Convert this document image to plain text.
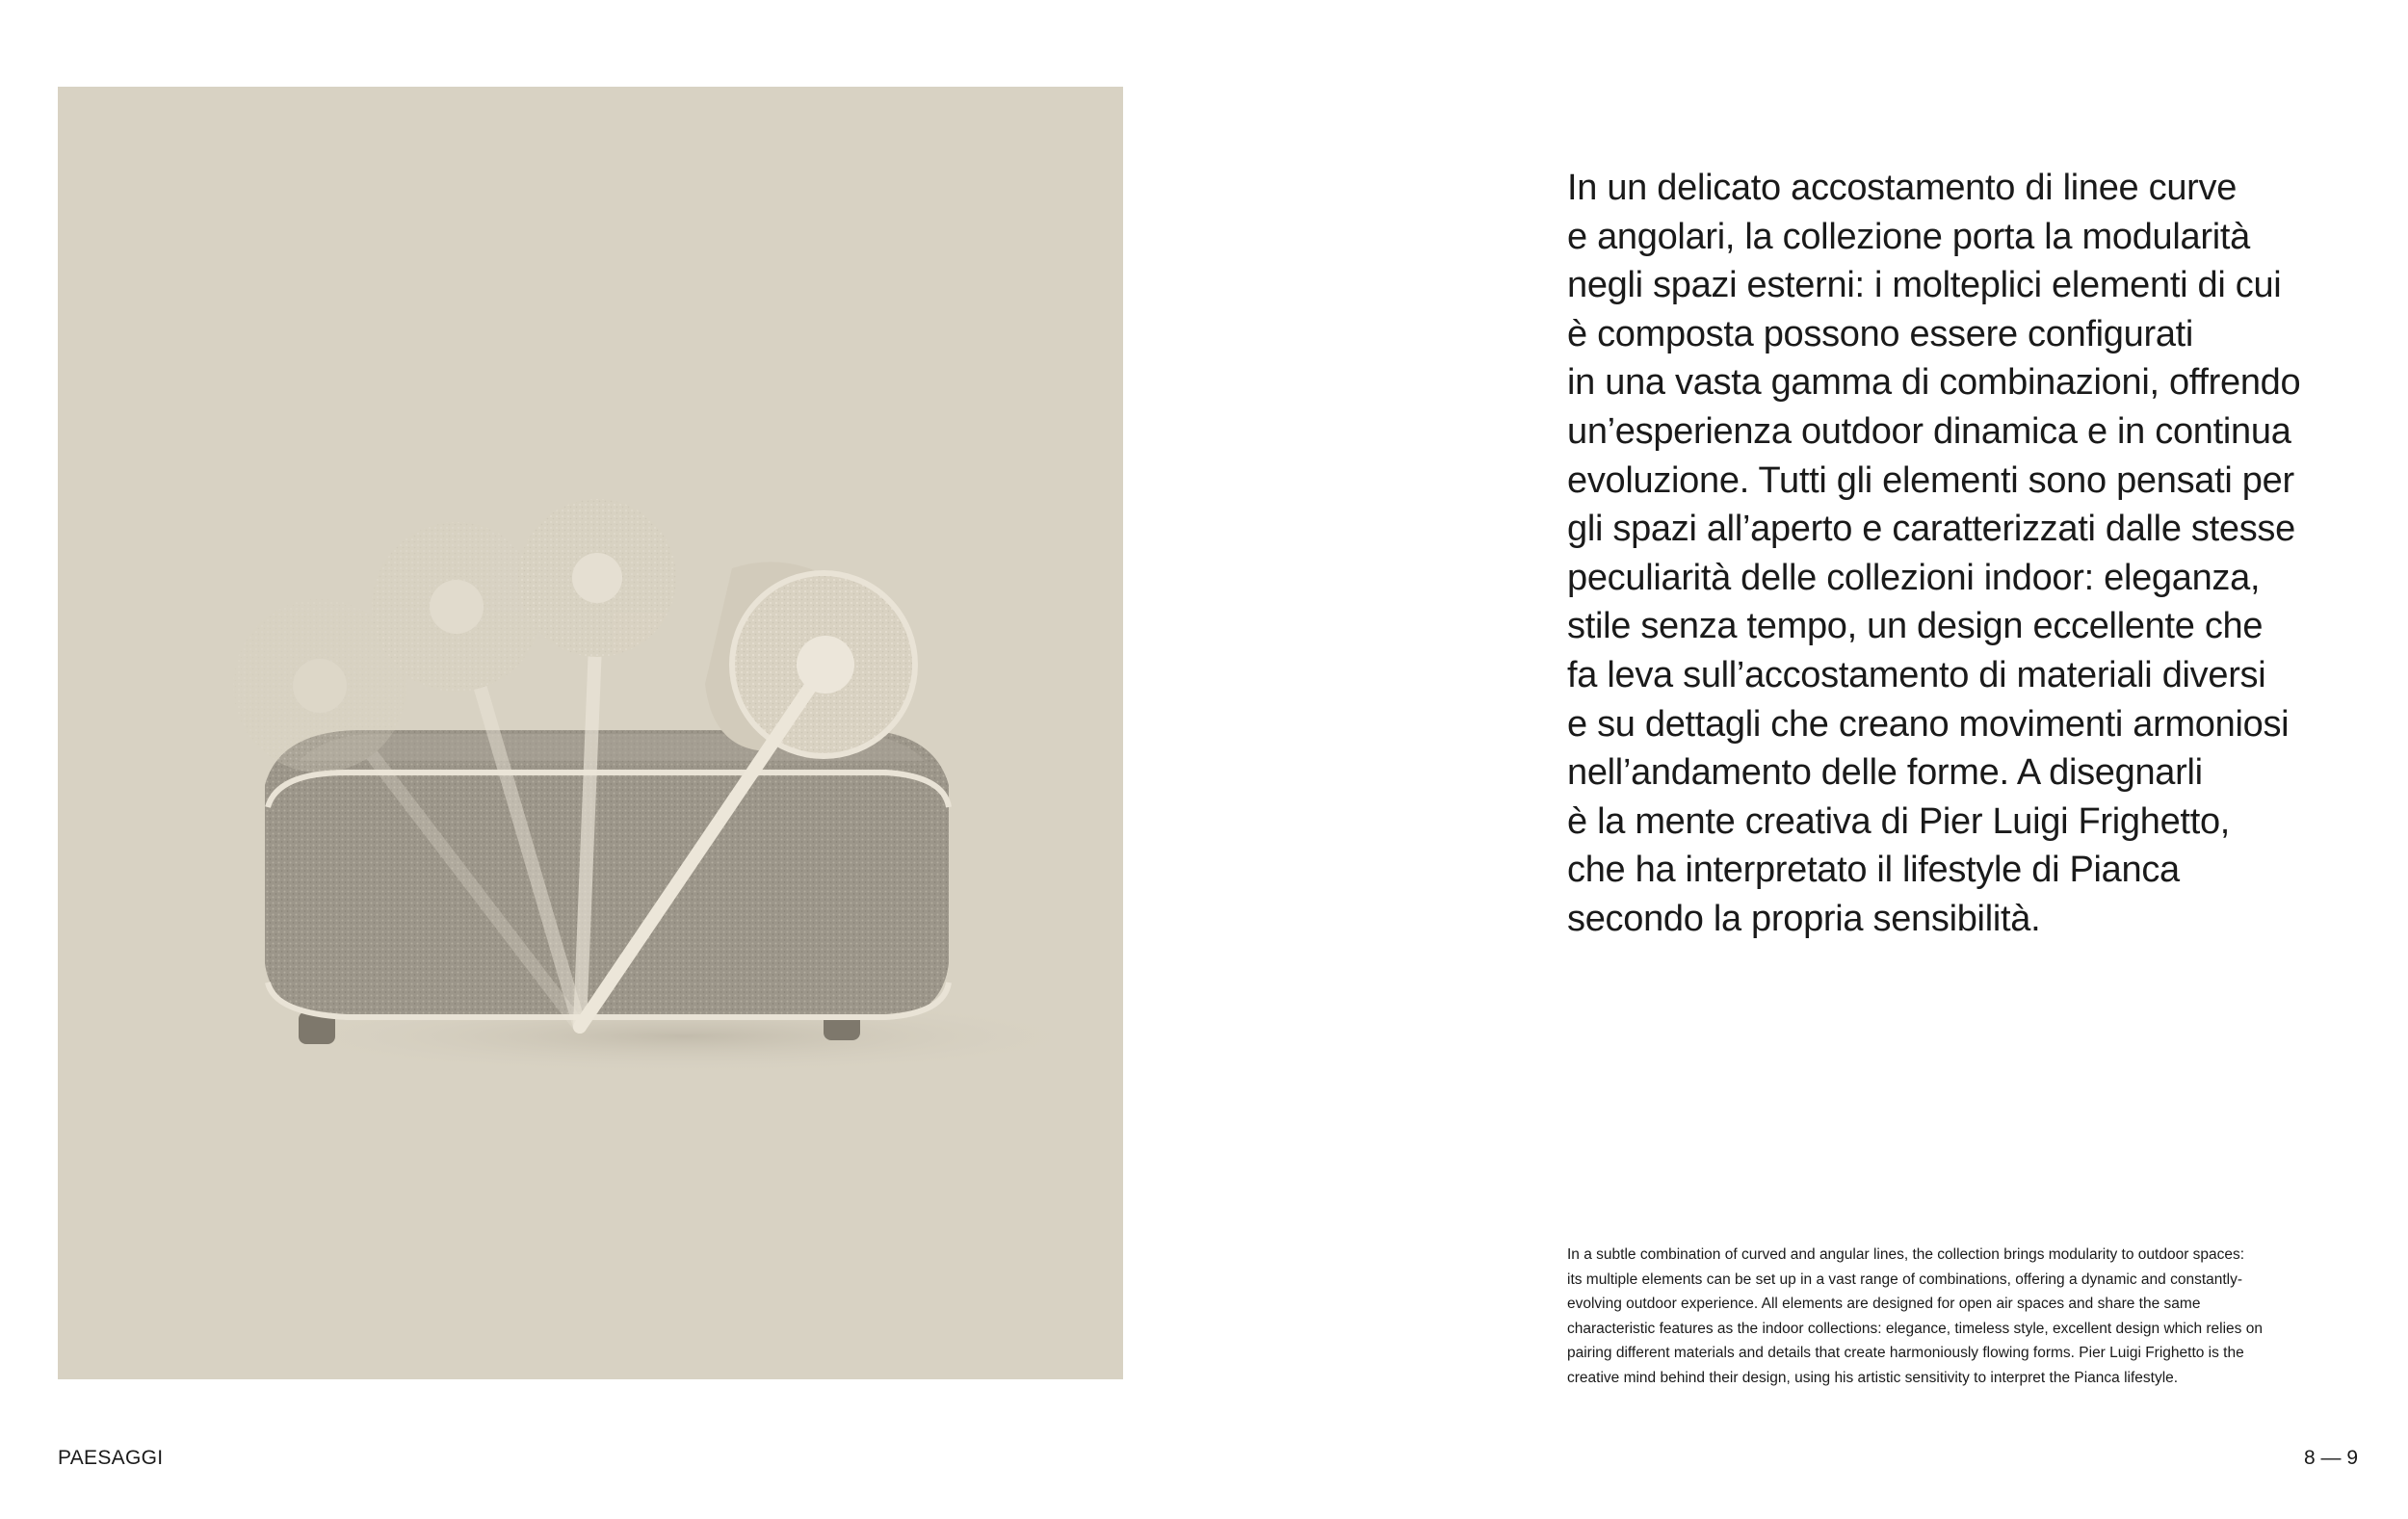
In un delicato accostamento di linee curve
e angolari, la collezione porta la modularità
negli spazi esterni: i molteplici elementi di cui
è composta possono essere configurati
in una vasta gamma di combinazioni, offrendo
un’esperienza outdoor dinamica e in continua
evoluzione. Tutti gli elementi sono pensati per
gli spazi all’aperto e caratterizzati dalle stesse
peculiarità delle collezioni indoor: eleganza,
stile senza tempo, un design eccellente che
fa leva sull’accostamento di materiali diversi
e su dettagli che creano movimenti armoniosi
nell’andamento delle forme. A disegnarli
è la mente creativa di Pier Luigi Frighetto,
che ha interpretato il lifestyle di Pianca
secondo la propria sensibilità.

In a subtle combination of curved and angular lines, the collection brings modularity to outdoor spaces:
its multiple elements can be set up in a vast range of combinations, offering a dynamic and constantly-
evolving outdoor experience. All elements are designed for open air spaces and share the same
characteristic features as the indoor collections: elegance, timeless style, excellent design which relies on
pairing different materials and details that create harmoniously flowing forms. Pier Luigi Frighetto is the
creative mind behind their design, using his artistic sensitivity to interpret the Pianca lifestyle.

PAESAGGI	8 — 9
